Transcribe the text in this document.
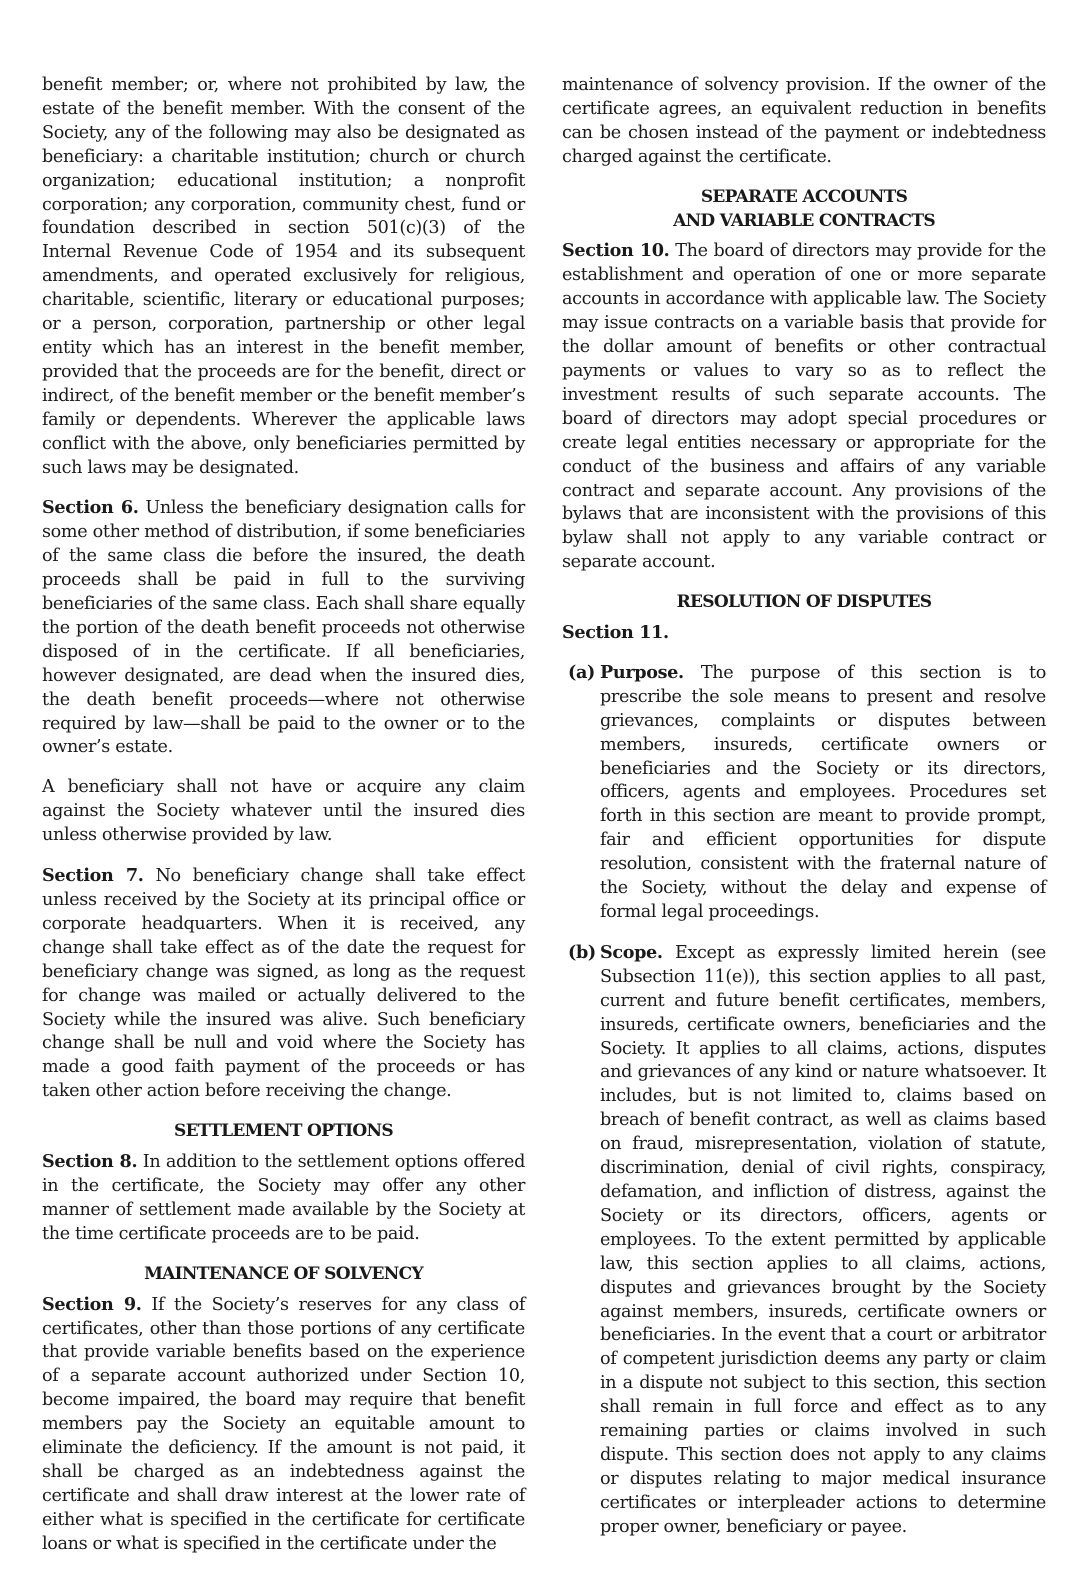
benefit member; or, where not prohibited by law, the estate of the benefit member. With the consent of the Society, any of the following may also be designated as beneficiary: a charitable institution; church or church organization; educational institution; a nonprofit corporation; any corporation, community chest, fund or foundation described in section 501(c)(3) of the Internal Revenue Code of 1954 and its subsequent amendments, and operated exclusively for religious, charitable, scientific, literary or educational purposes; or a person, corporation, partnership or other legal entity which has an interest in the benefit member, provided that the proceeds are for the benefit, direct or indirect, of the benefit member or the benefit member’s family or dependents. Wherever the applicable laws conflict with the above, only beneficiaries permitted by such laws may be designated.

Section 6. Unless the beneficiary designation calls for some other method of distribution, if some beneficiaries of the same class die before the insured, the death proceeds shall be paid in full to the surviving beneficiaries of the same class. Each shall share equally the portion of the death benefit proceeds not otherwise disposed of in the certificate. If all beneficiaries, however designated, are dead when the insured dies, the death benefit proceeds—where not otherwise required by law—shall be paid to the owner or to the owner’s estate.

A beneficiary shall not have or acquire any claim against the Society whatever until the insured dies unless otherwise provided by law.

Section 7. No beneficiary change shall take effect unless received by the Society at its principal office or corporate headquarters. When it is received, any change shall take effect as of the date the request for beneficiary change was signed, as long as the request for change was mailed or actually delivered to the Society while the insured was alive. Such beneficiary change shall be null and void where the Society has made a good faith payment of the proceeds or has taken other action before receiving the change.

SETTLEMENT OPTIONS

Section 8. In addition to the settlement options offered in the certificate, the Society may offer any other manner of settlement made available by the Society at the time certificate proceeds are to be paid.

MAINTENANCE OF SOLVENCY

Section 9. If the Society’s reserves for any class of certificates, other than those portions of any certificate that provide variable benefits based on the experience of a separate account authorized under Section 10, become impaired, the board may require that benefit members pay the Society an equitable amount to eliminate the deficiency. If the amount is not paid, it shall be charged as an indebtedness against the certificate and shall draw interest at the lower rate of either what is specified in the certificate for certificate loans or what is specified in the certificate under the

maintenance of solvency provision. If the owner of the certificate agrees, an equivalent reduction in benefits can be chosen instead of the payment or indebtedness charged against the certificate.

SEPARATE ACCOUNTS
AND VARIABLE CONTRACTS

Section 10. The board of directors may provide for the establishment and operation of one or more separate accounts in accordance with applicable law. The Society may issue contracts on a variable basis that provide for the dollar amount of benefits or other contractual payments or values to vary so as to reflect the investment results of such separate accounts. The board of directors may adopt special procedures or create legal entities necessary or appropriate for the conduct of the business and affairs of any variable contract and separate account. Any provisions of the bylaws that are inconsistent with the provisions of this bylaw shall not apply to any variable contract or separate account.

RESOLUTION OF DISPUTES
Section 11.
(a) Purpose. The purpose of this section is to prescribe the sole means to present and resolve grievances, complaints or disputes between members, insureds, certificate owners or beneficiaries and the Society or its directors, officers, agents and employees. Procedures set forth in this section are meant to provide prompt, fair and efficient opportunities for dispute resolution, consistent with the fraternal nature of the Society, without the delay and expense of formal legal proceedings.
(b) Scope. Except as expressly limited herein (see Subsection 11(e)), this section applies to all past, current and future benefit certificates, members, insureds, certificate owners, beneficiaries and the Society. It applies to all claims, actions, disputes and grievances of any kind or nature whatsoever. It includes, but is not limited to, claims based on breach of benefit contract, as well as claims based on fraud, misrepresentation, violation of statute, discrimination, denial of civil rights, conspiracy, defamation, and infliction of distress, against the Society or its directors, officers, agents or employees. To the extent permitted by applicable law, this section applies to all claims, actions, disputes and grievances brought by the Society against members, insureds, certificate owners or beneficiaries. In the event that a court or arbitrator of competent jurisdiction deems any party or claim in a dispute not subject to this section, this section shall remain in full force and effect as to any remaining parties or claims involved in such dispute. This section does not apply to any claims or disputes relating to major medical insurance certificates or interpleader actions to determine proper owner, beneficiary or payee.
